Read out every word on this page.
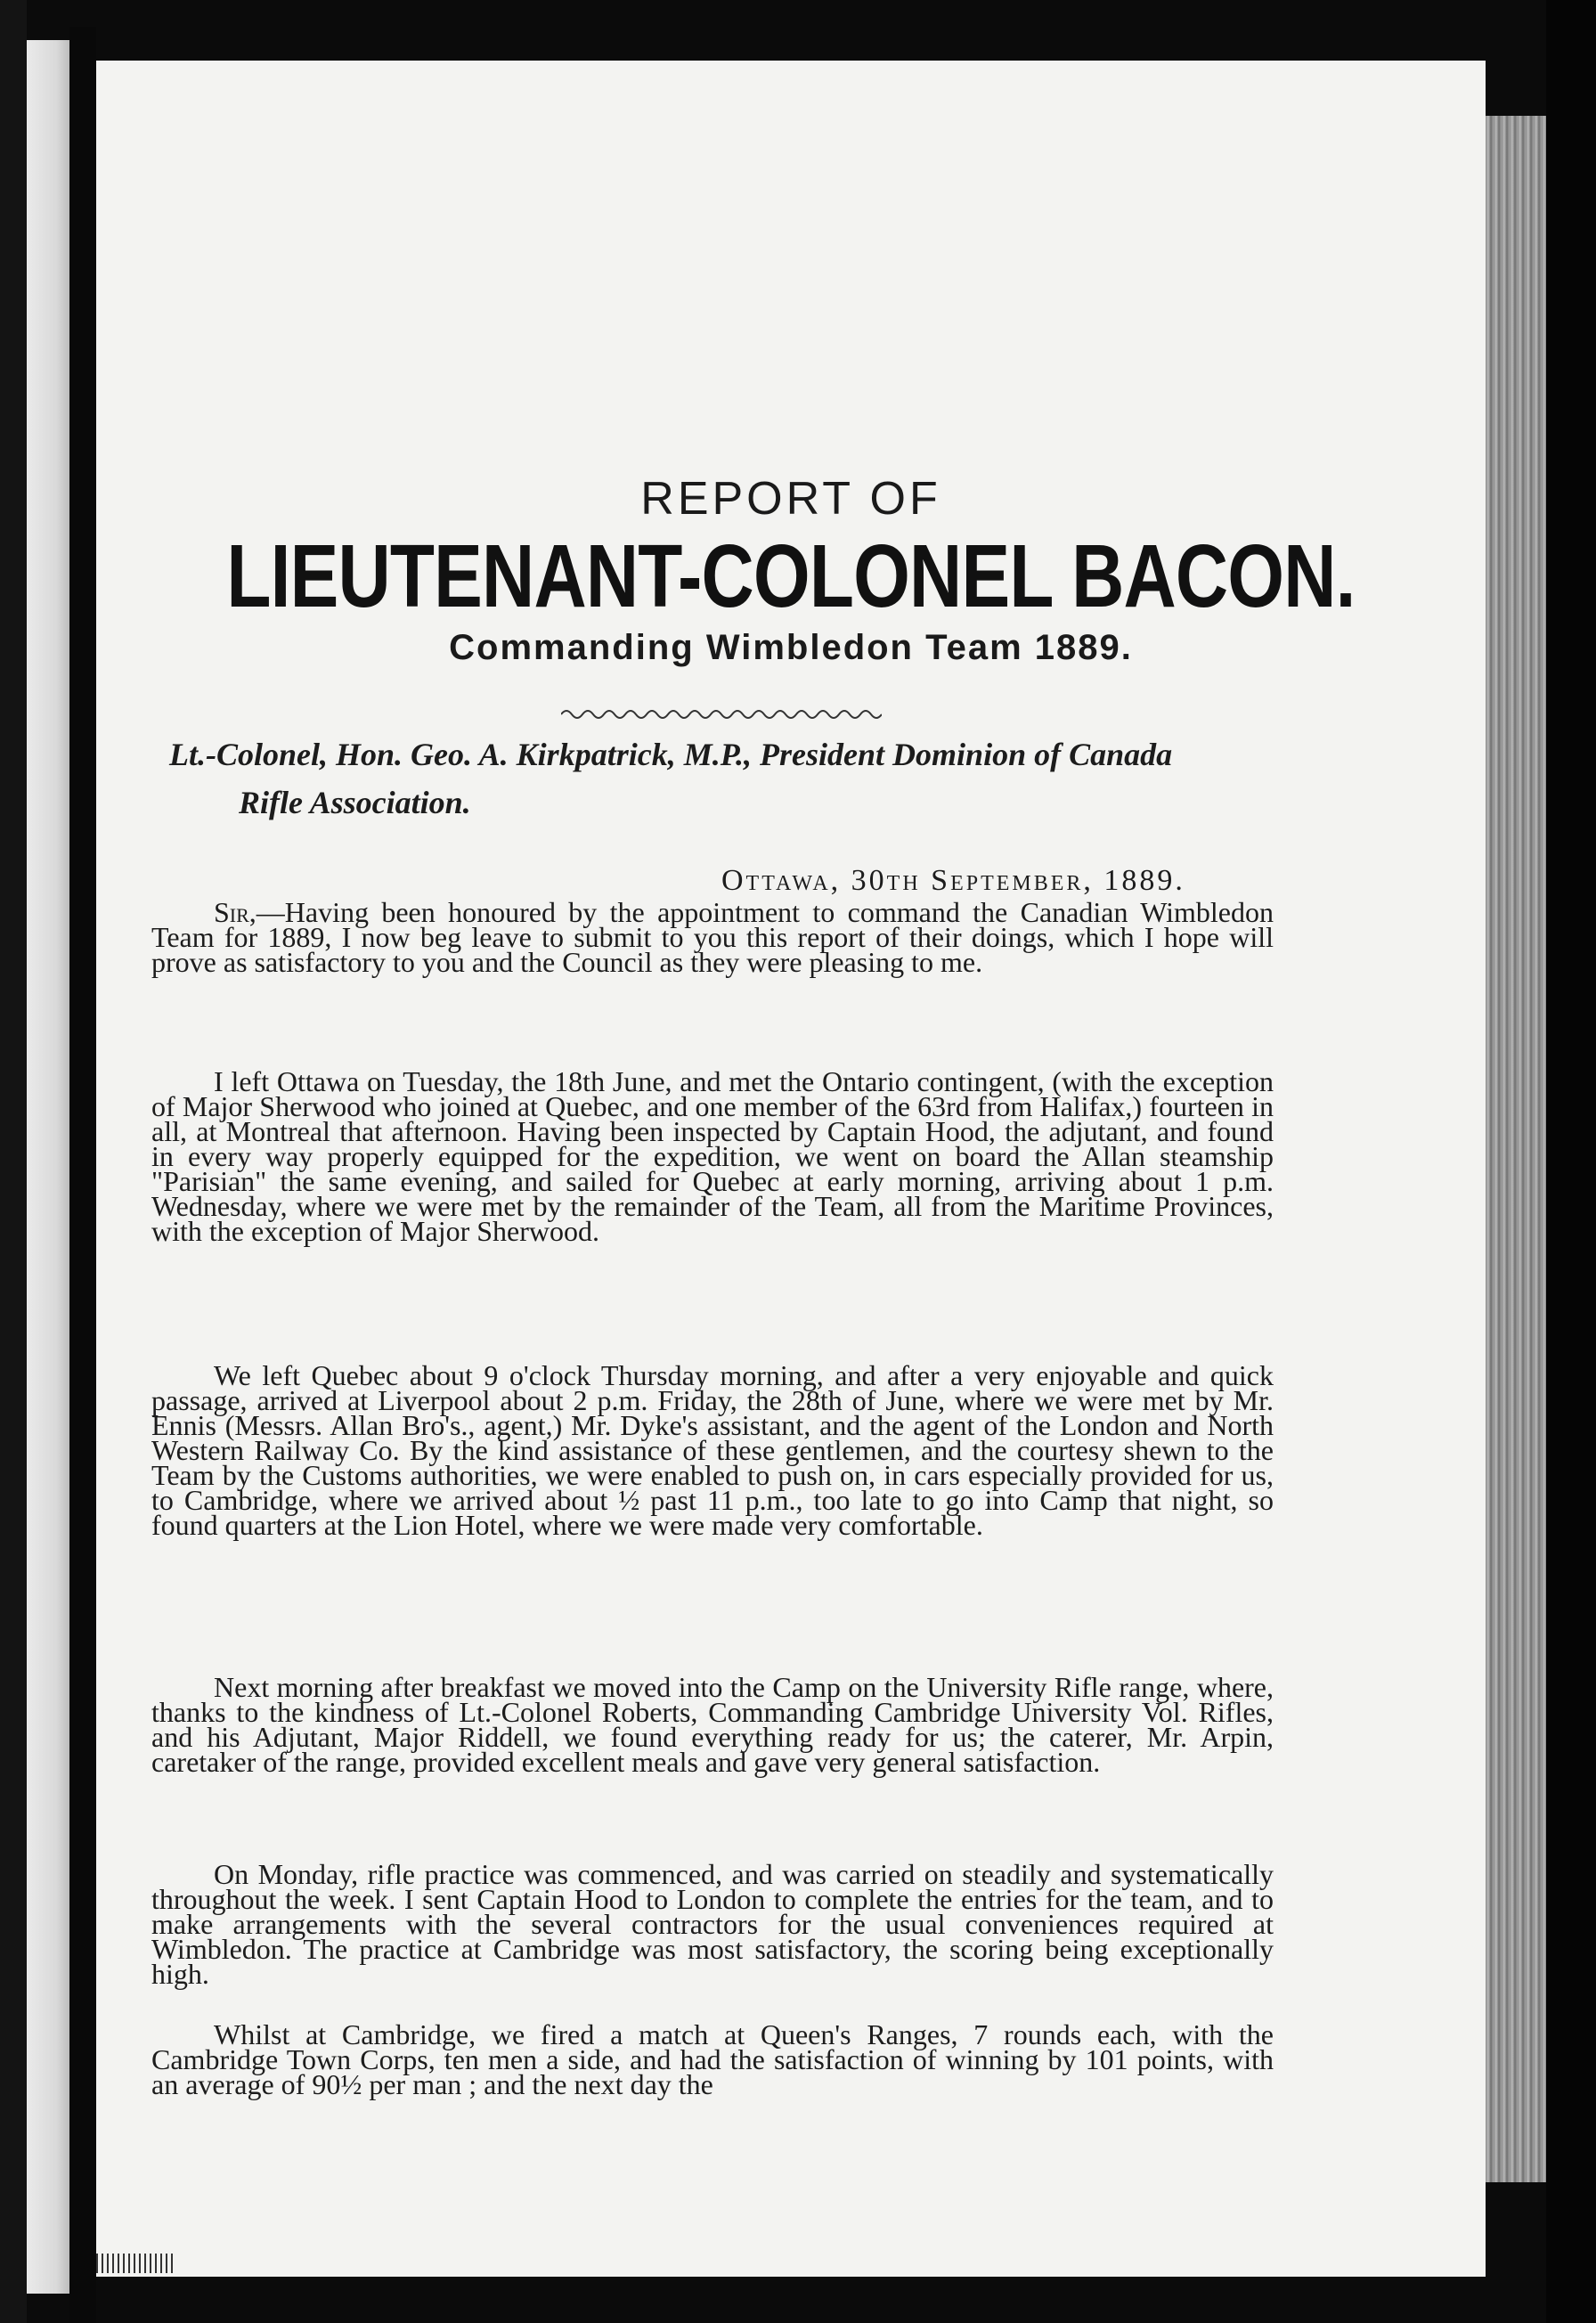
REPORT OF
LIEUTENANT-COLONEL BACON.
Commanding Wimbledon Team 1889.
Lt.-Colonel, Hon. Geo. A. Kirkpatrick, M.P., President Dominion of Canada
Rifle Association.
Ottawa, 30th September, 1889.
Sir,—Having been honoured by the appointment to command the Canadian Wimbledon Team for 1889, I now beg leave to submit to you this report of their doings, which I hope will prove as satisfactory to you and the Council as they were pleasing to me.
I left Ottawa on Tuesday, the 18th June, and met the Ontario contingent, (with the exception of Major Sherwood who joined at Quebec, and one member of the 63rd from Halifax,) fourteen in all, at Montreal that afternoon. Having been inspected by Captain Hood, the adjutant, and found in every way properly equipped for the expedition, we went on board the Allan steamship "Parisian" the same evening, and sailed for Quebec at early morning, arriving about 1 p.m. Wednesday, where we were met by the remainder of the Team, all from the Maritime Provinces, with the exception of Major Sherwood.
We left Quebec about 9 o'clock Thursday morning, and after a very enjoyable and quick passage, arrived at Liverpool about 2 p.m. Friday, the 28th of June, where we were met by Mr. Ennis (Messrs. Allan Bro's., agent,) Mr. Dyke's assistant, and the agent of the London and North Western Railway Co. By the kind assistance of these gentlemen, and the courtesy shewn to the Team by the Customs authorities, we were enabled to push on, in cars especially provided for us, to Cambridge, where we arrived about ½ past 11 p.m., too late to go into Camp that night, so found quarters at the Lion Hotel, where we were made very comfortable.
Next morning after breakfast we moved into the Camp on the University Rifle range, where, thanks to the kindness of Lt.-Colonel Roberts, Commanding Cambridge University Vol. Rifles, and his Adjutant, Major Riddell, we found everything ready for us; the caterer, Mr. Arpin, caretaker of the range, provided excellent meals and gave very general satisfaction.
On Monday, rifle practice was commenced, and was carried on steadily and systematically throughout the week. I sent Captain Hood to London to complete the entries for the team, and to make arrangements with the several contractors for the usual conveniences required at Wimbledon. The practice at Cambridge was most satisfactory, the scoring being exceptionally high.
Whilst at Cambridge, we fired a match at Queen's Ranges, 7 rounds each, with the Cambridge Town Corps, ten men a side, and had the satisfaction of winning by 101 points, with an average of 90½ per man ; and the next day the
